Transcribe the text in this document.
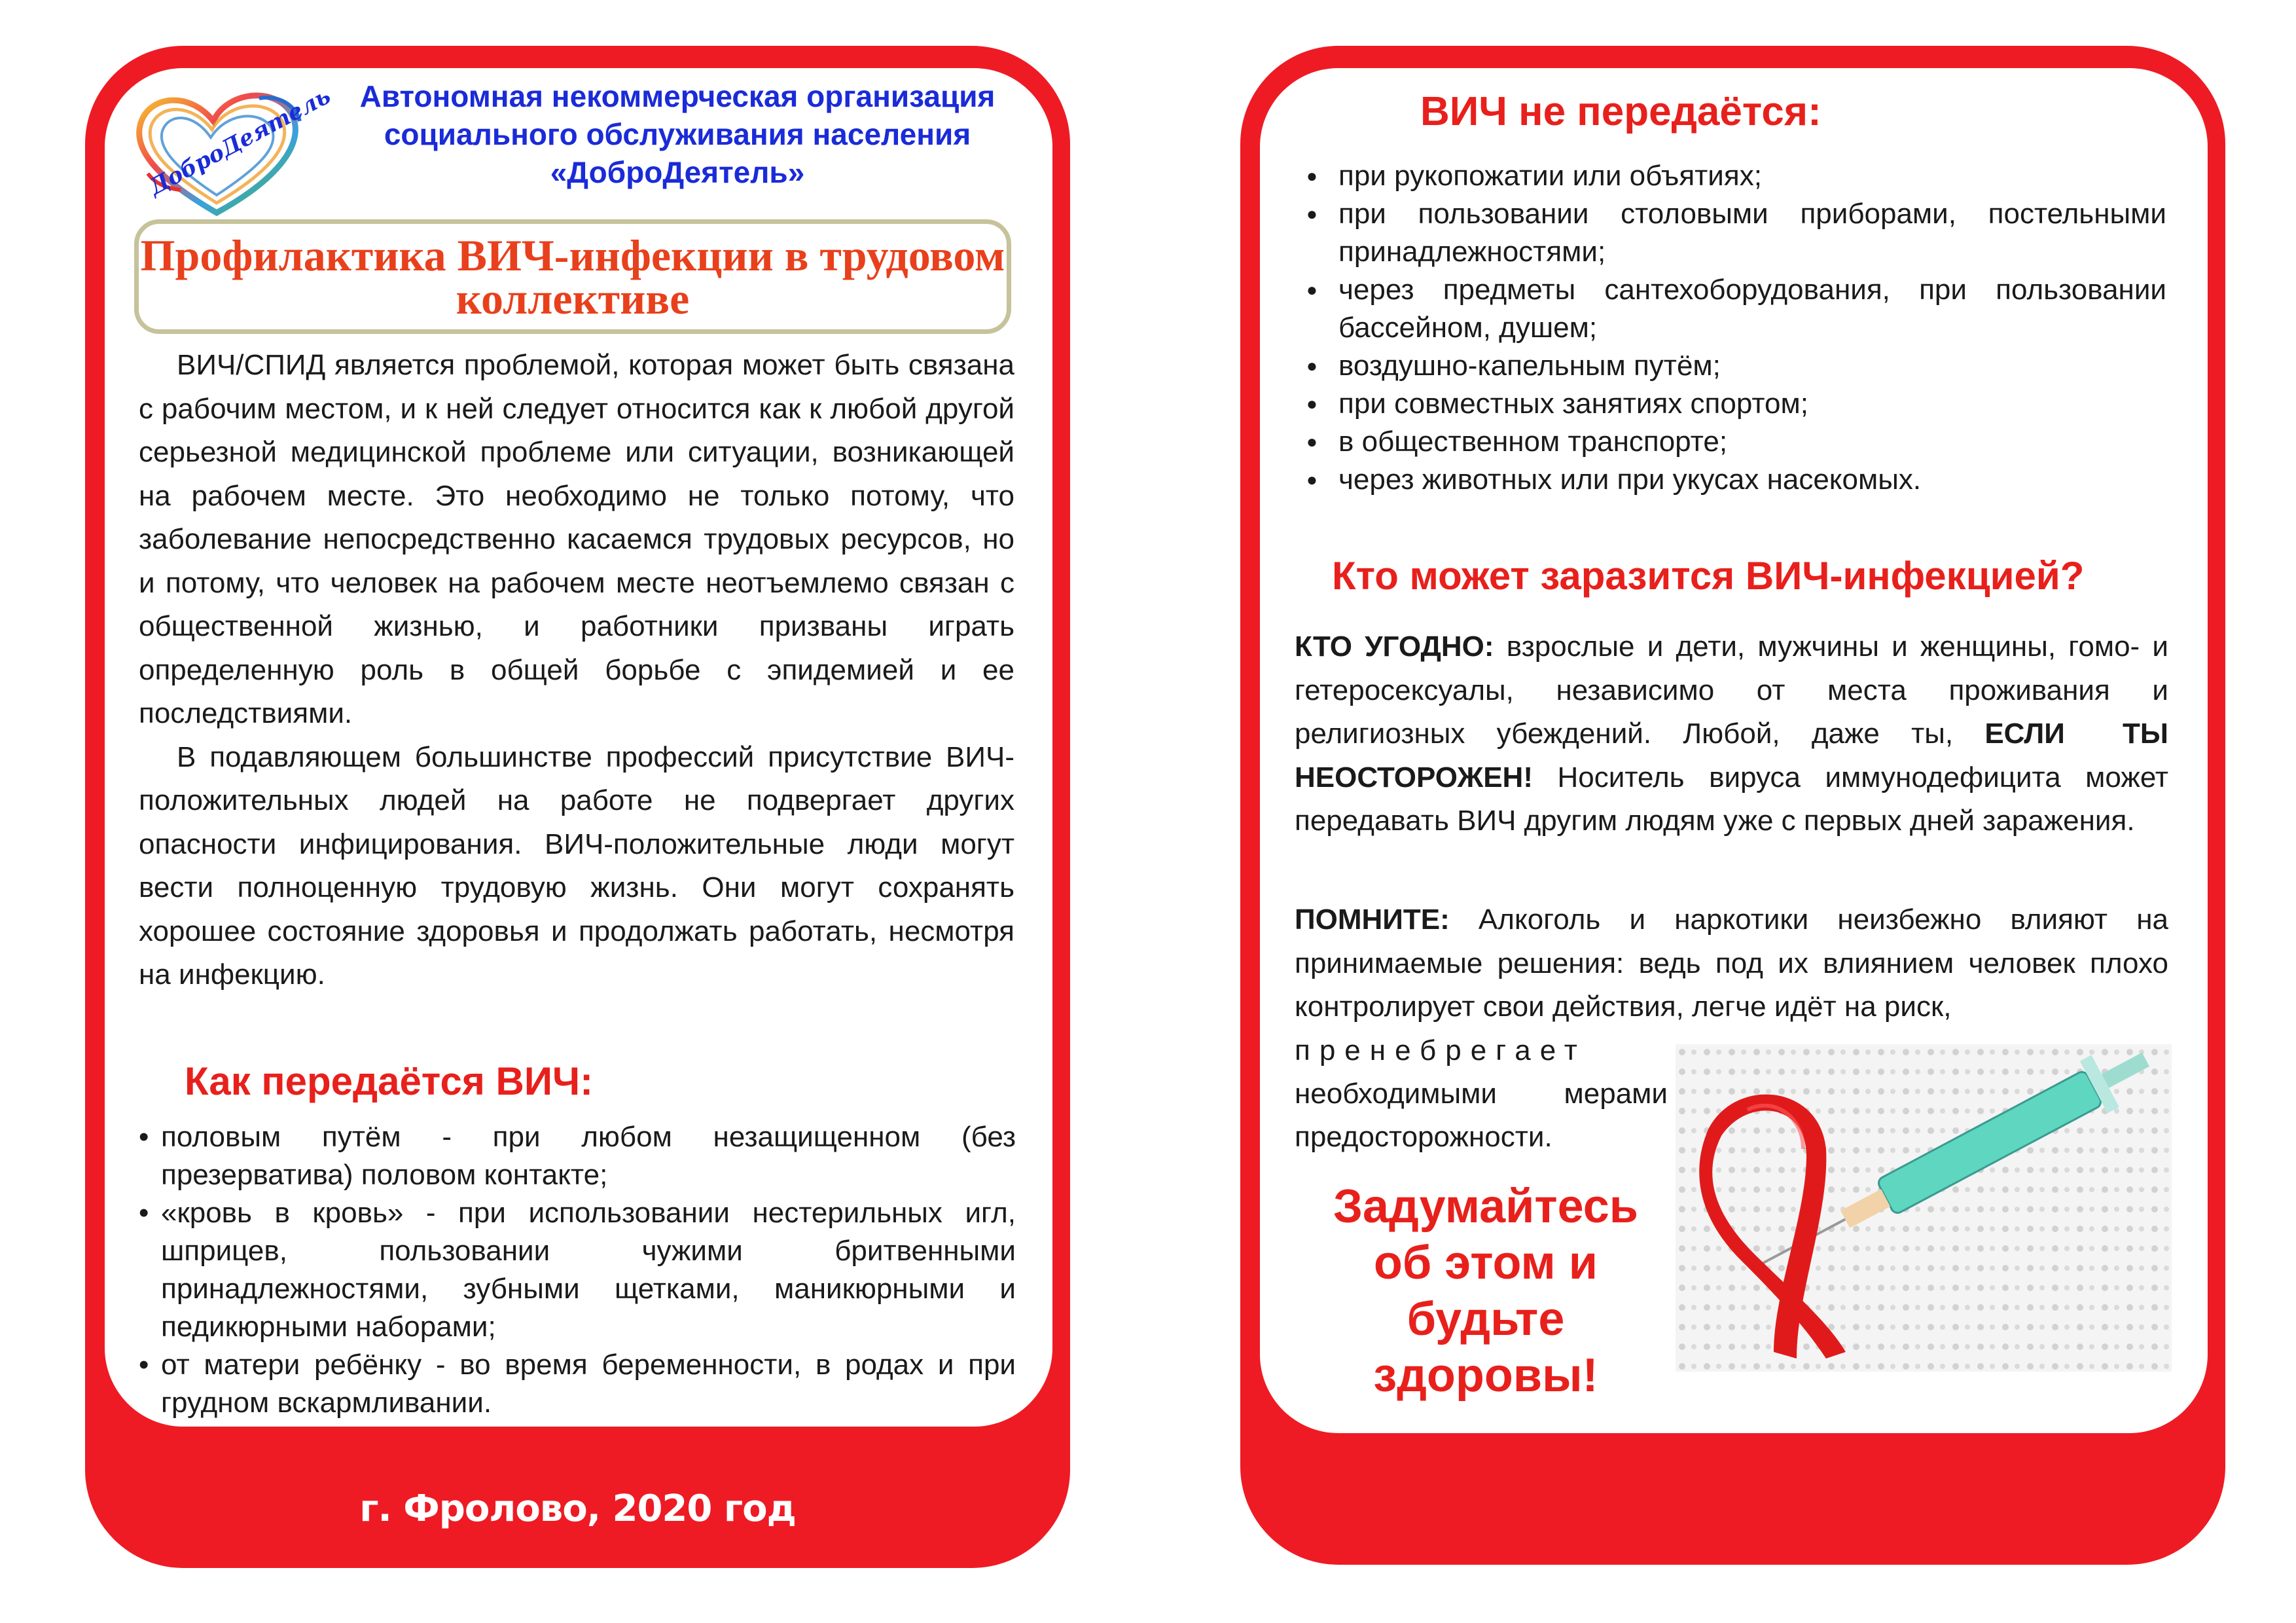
ДоброДеятель Автономная некоммерческая организация социального обслуживания населения «ДоброДеятель»
Профилактика ВИЧ-инфекции в трудовом коллективе

ВИЧ/СПИД является проблемой, которая может быть связана с рабочим местом, и к ней следует относится как к любой другой серьезной медицинской проблеме или ситуации, возникающей на рабочем месте. Это необходимо не только потому, что заболевание непосредственно касаемся трудовых ресурсов, но и потому, что человек на рабочем месте неотъемлемо связан с общественной жизнью, и работники призваны играть определенную роль в общей борьбе с эпидемией и ее последствиями.

В подавляющем большинстве профессий присутствие ВИЧ-положительных людей на работе не подвергает других опасности инфицирования. ВИЧ-положительные люди могут вести полноценную трудовую жизнь. Они могут сохранять хорошее состояние здоровья и продолжать работать, несмотря на инфекцию.

Как передаётся ВИЧ:
• половым путём - при любом незащищенном (без презерватива) половом контакте;
• «кровь в кровь» - при использовании нестерильных игл, шприцев, пользовании чужими бритвенными принадлежностями, зубными щетками, маникюрными и педикюрными наборами;
• от матери ребёнку - во время беременности, в родах и при грудном вскармливании.
г. Фролово, 2020 год
ВИЧ не передаётся:
● при рукопожатии или объятиях;
● при пользовании столовыми приборами, постельными принадлежностями;
● через предметы сантехоборудования, при пользовании бассейном, душем;
● воздушно-капельным путём;
● при совместных занятиях спортом;
● в общественном транспорте;
● через животных или при укусах насекомых.
Кто может заразится ВИЧ-инфекцией?

КТО УГОДНО: взрослые и дети, мужчины и женщины, гомо- и гетеросексуалы, независимо от места проживания и религиозных убеждений. Любой, даже ты, ЕСЛИ ТЫ НЕОСТОРОЖЕН! Носитель вируса иммунодефицита может передавать ВИЧ другим людям уже с первых дней заражения.

ПОМНИТЕ: Алкоголь и наркотики неизбежно влияют на принимаемые решения: ведь под их влиянием человек плохо контролирует свои действия, легче идёт на риск,

пренебрегает
необходимыми мерами
предосторожности.
Задумайтесь
об этом и
будьте
здоровы!
